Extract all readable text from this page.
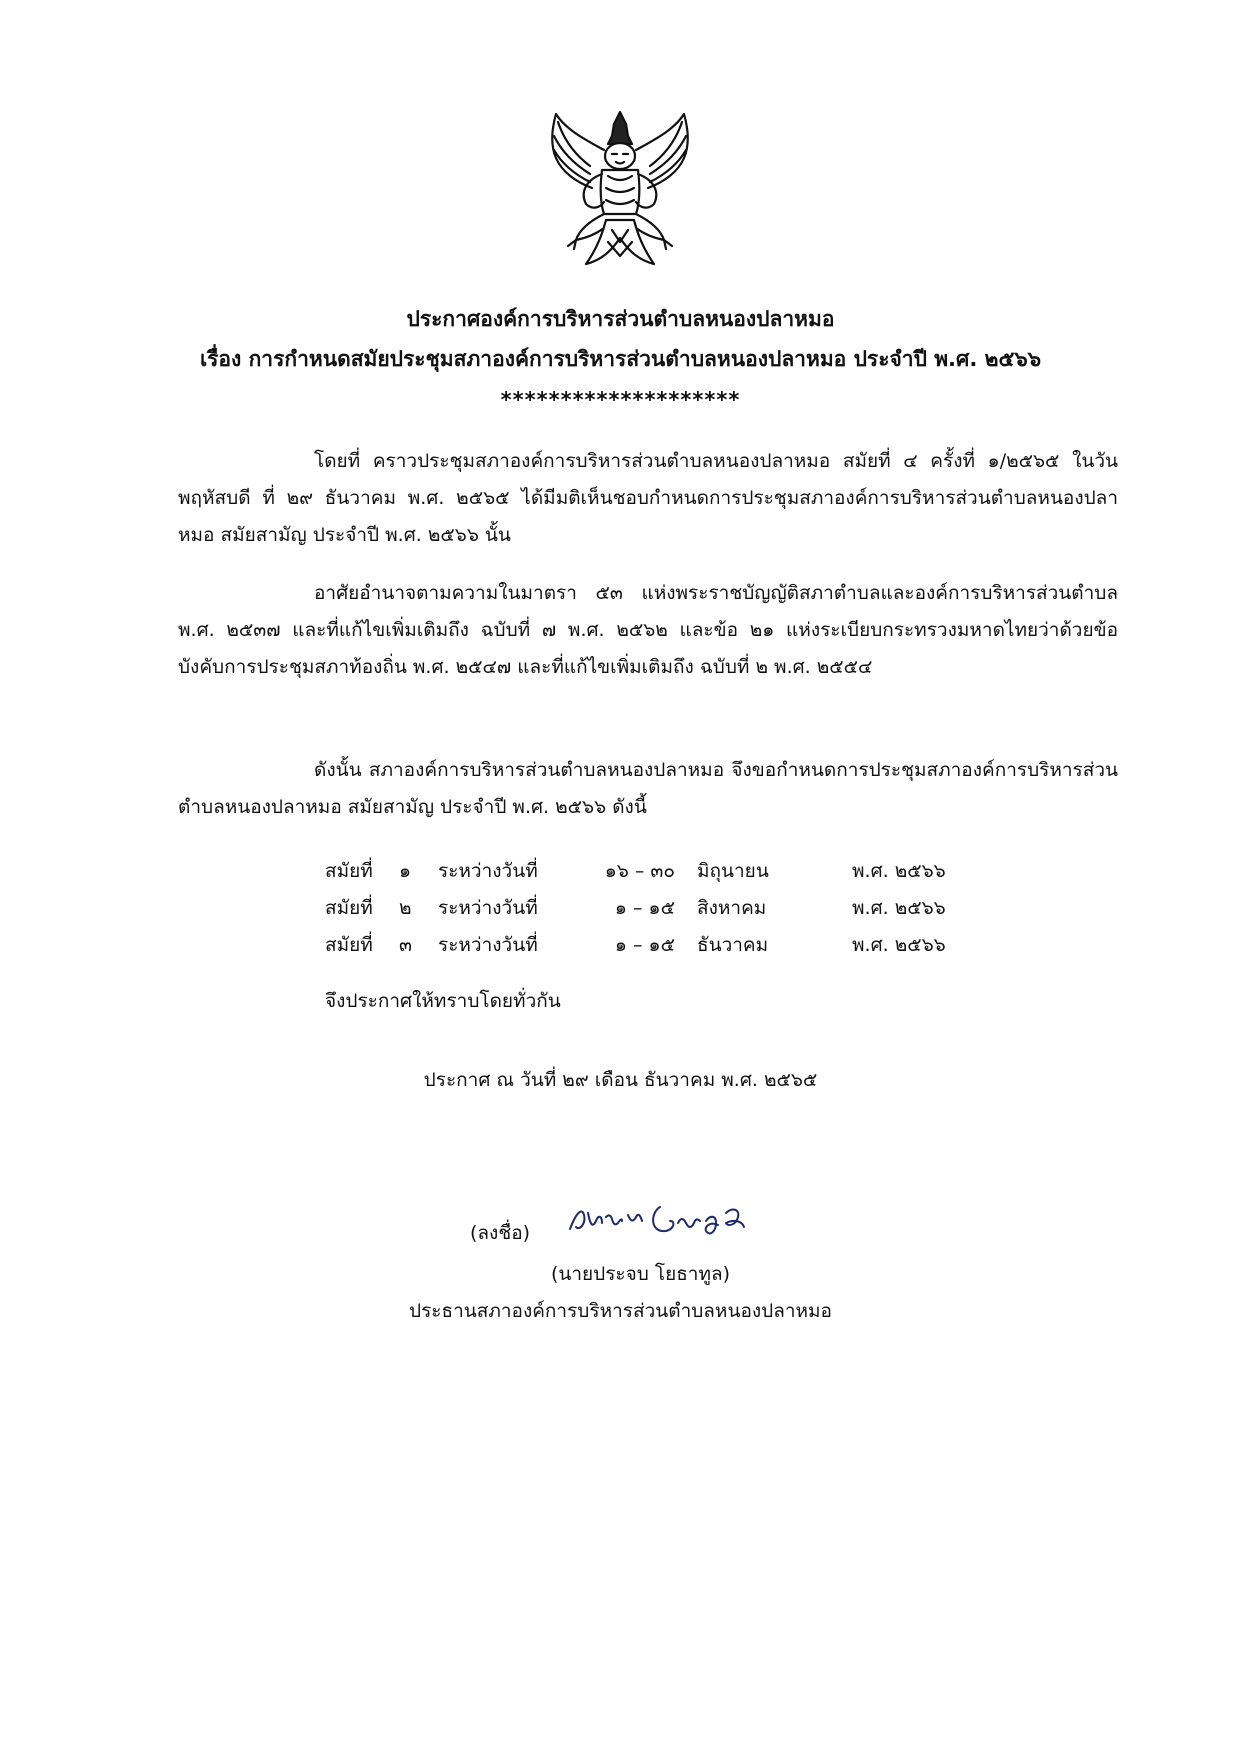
ประกาศองค์การบริหารส่วนตำบลหนองปลาหมอ
เรื่อง การกำหนดสมัยประชุมสภาองค์การบริหารส่วนตำบลหนองปลาหมอ ประจำปี พ.ศ. ๒๕๖๖
********************
โดยที่ คราวประชุมสภาองค์การบริหารส่วนตำบลหนองปลาหมอ สมัยที่ ๔ ครั้งที่ ๑/๒๕๖๕ ในวันพฤหัสบดี ที่ ๒๙ ธันวาคม พ.ศ. ๒๕๖๕ ได้มีมติเห็นชอบกำหนดการประชุมสภาองค์การบริหารส่วนตำบลหนองปลาหมอ สมัยสามัญ ประจำปี พ.ศ. ๒๕๖๖ นั้น
อาศัยอำนาจตามความในมาตรา ๕๓ แห่งพระราชบัญญัติสภาตำบลและองค์การบริหารส่วนตำบล พ.ศ. ๒๕๓๗ และที่แก้ไขเพิ่มเติมถึง ฉบับที่ ๗ พ.ศ. ๒๕๖๒ และข้อ ๒๑ แห่งระเบียบกระทรวงมหาดไทยว่าด้วยข้อบังคับการประชุมสภาท้องถิ่น พ.ศ. ๒๕๔๗ และที่แก้ไขเพิ่มเติมถึง ฉบับที่ ๒ พ.ศ. ๒๕๕๔
ดังนั้น สภาองค์การบริหารส่วนตำบลหนองปลาหมอ จึงขอกำหนดการประชุมสภาองค์การบริหารส่วนตำบลหนองปลาหมอ สมัยสามัญ ประจำปี พ.ศ. ๒๕๖๖ ดังนี้
สมัยที่ ๑ ระหว่างวันที่	๑๖ – ๓๐ มิถุนายน	พ.ศ. ๒๕๖๖
สมัยที่ ๒ ระหว่างวันที่	๑ – ๑๕ สิงหาคม	พ.ศ. ๒๕๖๖
สมัยที่ ๓ ระหว่างวันที่	๑ – ๑๕ ธันวาคม	พ.ศ. ๒๕๖๖
จึงประกาศให้ทราบโดยทั่วกัน
ประกาศ ณ วันที่ ๒๙ เดือน ธันวาคม พ.ศ. ๒๕๖๕
(ลงชื่อ)
(นายประจบ โยธาทูล)
ประธานสภาองค์การบริหารส่วนตำบลหนองปลาหมอ
